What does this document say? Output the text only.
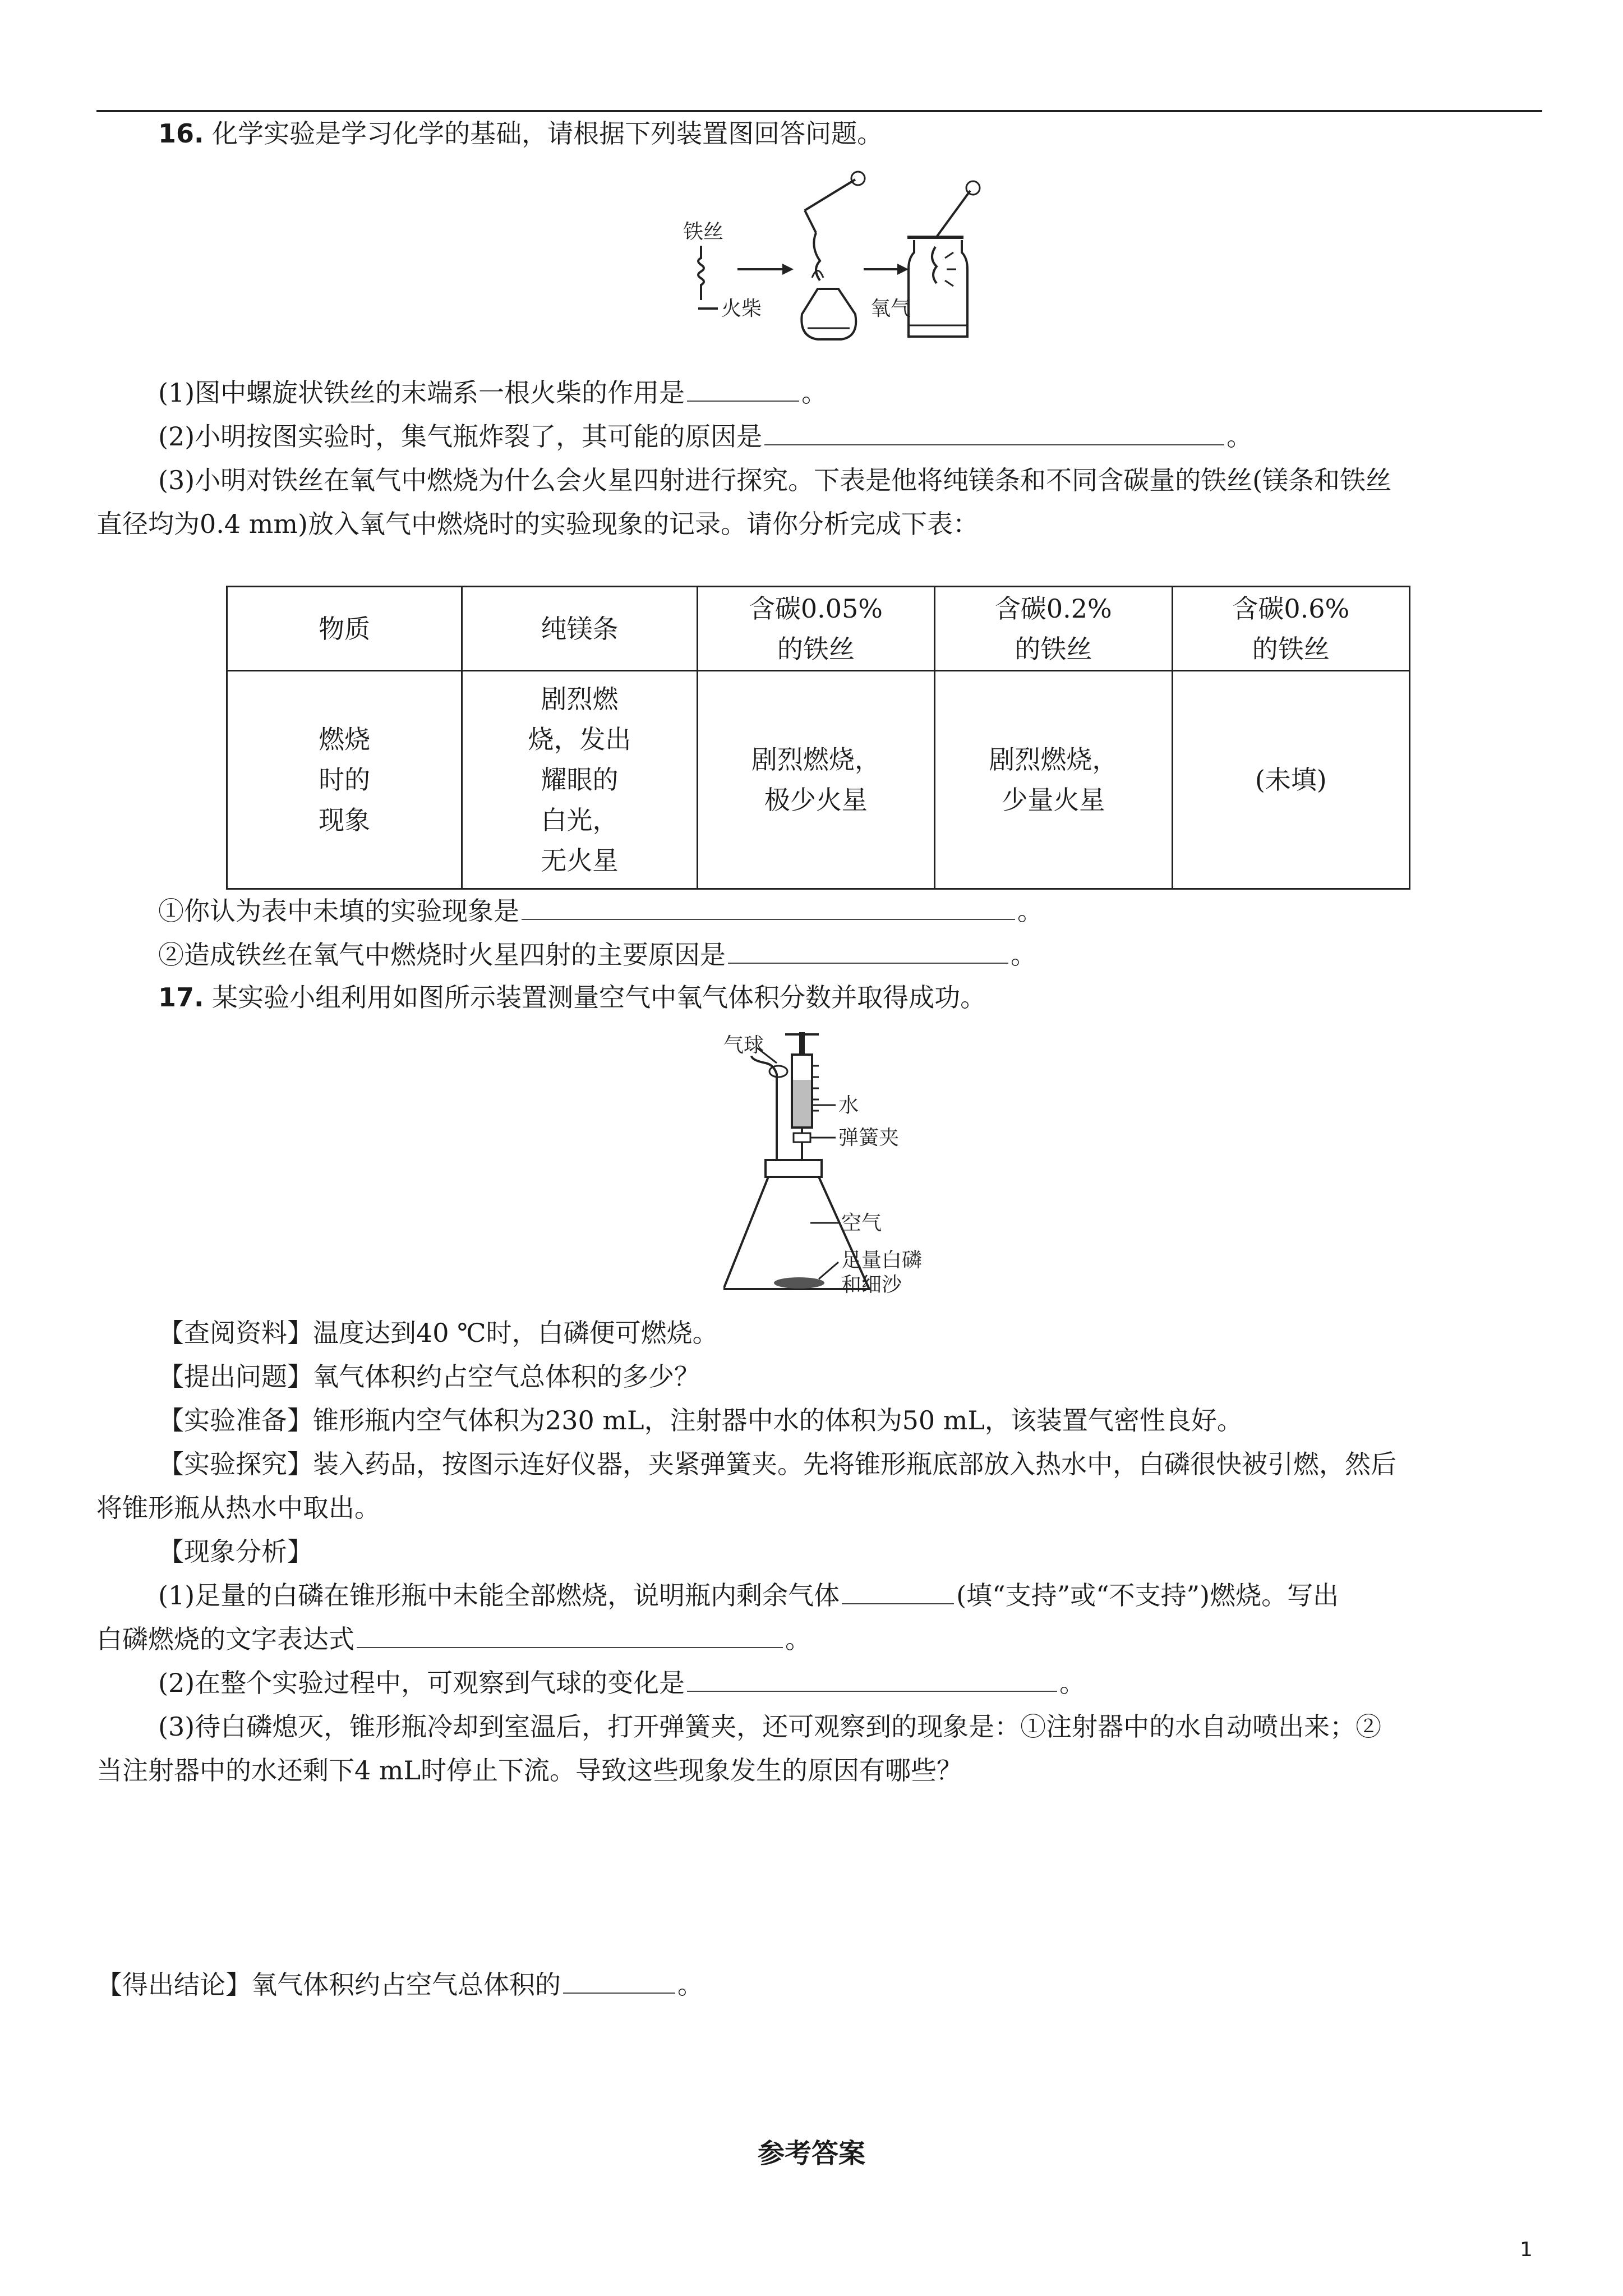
16. 化学实验是学习化学的基础，请根据下列装置图回答问题。
铁丝
火柴	氧气
(1)图中螺旋状铁丝的末端系一根火柴的作用是	。
(2)小明按图实验时，集气瓶炸裂了，其可能的原因是	。
(3)小明对铁丝在氧气中燃烧为什么会火星四射进行探究。下表是他将纯镁条和不同含碳量的铁丝(镁条和铁丝
直径均为0.4 mm)放入氧气中燃烧时的实验现象的记录。请你分析完成下表：
物质	纯镁条	含碳0.05%
的铁丝	含碳0.2%
的铁丝	含碳0.6%
的铁丝

燃烧
时的
现象	剧烈燃
烧，发出
耀眼的
白光，
无火星	剧烈燃烧，
极少火星	剧烈燃烧，
少量火星	(未填)
①你认为表中未填的实验现象是	。
②造成铁丝在氧气中燃烧时火星四射的主要原因是	。
17. 某实验小组利用如图所示装置测量空气中氧气体积分数并取得成功。
气球
水
弹簧夹
空气
足量白磷
和细沙
【查阅资料】温度达到40 ℃时，白磷便可燃烧。
【提出问题】氧气体积约占空气总体积的多少？
【实验准备】锥形瓶内空气体积为230 mL，注射器中水的体积为50 mL，该装置气密性良好。
【实验探究】装入药品，按图示连好仪器，夹紧弹簧夹。先将锥形瓶底部放入热水中，白磷很快被引燃，然后
将锥形瓶从热水中取出。
【现象分析】
(1)足量的白磷在锥形瓶中未能全部燃烧，说明瓶内剩余气体	(填“支持”或“不支持”)燃烧。写出
白磷燃烧的文字表达式	。
(2)在整个实验过程中，可观察到气球的变化是	。
(3)待白磷熄灭，锥形瓶冷却到室温后，打开弹簧夹，还可观察到的现象是：①注射器中的水自动喷出来；②
当注射器中的水还剩下4 mL时停止下流。导致这些现象发生的原因有哪些？
【得出结论】氧气体积约占空气总体积的	。
参考答案
1
